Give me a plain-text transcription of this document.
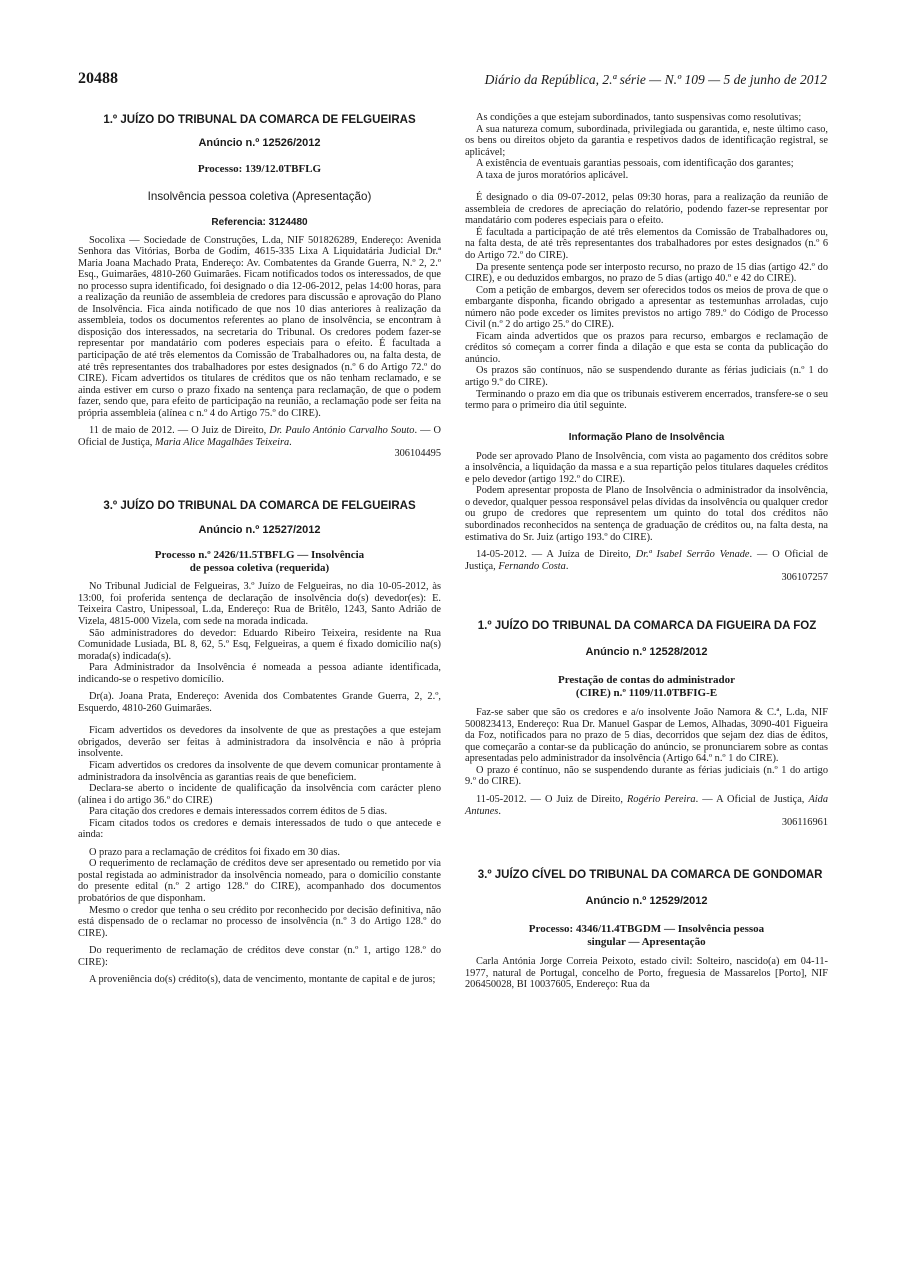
20488	Diário da República, 2.ª série — N.º 109 — 5 de junho de 2012

1.º JUÍZO DO TRIBUNAL DA COMARCA DE FELGUEIRAS

Anúncio n.º 12526/2012

Processo: 139/12.0TBFLG

Insolvência pessoa coletiva (Apresentação)

Referencia: 3124480

Socolixa — Sociedade de Construções, L.da, NIF 501826289, Endereço: Avenida Senhora das Vitórias, Borba de Godim, 4615-335 Lixa A Liquidatária Judicial Dr.ª Maria Joana Machado Prata, Endereço: Av. Combatentes da Grande Guerra, N.º 2, 2.º Esq., Guimarães, 4810-260 Guimarães. Ficam notificados todos os interessados, de que no processo supra identificado, foi designado o dia 12-06-2012, pelas 14:00 horas, para a realização da reunião de assembleia de credores para discussão e aprovação do Plano de Insolvência. Fica ainda notificado de que nos 10 dias anteriores à realização da assembleia, todos os documentos referentes ao plano de insolvência, se encontram à disposição dos interessados, na secretaria do Tribunal. Os credores podem fazer-se representar por mandatário com poderes especiais para o efeito. É facultada a participação de até três elementos da Comissão de Trabalhadores ou, na falta desta, de até três representantes dos trabalhadores por estes designados (n.º 6 do Artigo 72.º do CIRE). Ficam advertidos os titulares de créditos que os não tenham reclamado, e se ainda estiver em curso o prazo fixado na sentença para reclamação, de que o podem fazer, sendo que, para efeito de participação na reunião, a reclamação pode ser feita na própria assembleia (alínea c n.º 4 do Artigo 75.º do CIRE).

11 de maio de 2012. — O Juiz de Direito, Dr. Paulo António Carvalho Souto. — O Oficial de Justiça, Maria Alice Magalhães Teixeira.

306104495

3.º JUÍZO DO TRIBUNAL DA COMARCA DE FELGUEIRAS

Anúncio n.º 12527/2012

Processo n.º 2426/11.5TBFLG — Insolvência

de pessoa coletiva (requerida)

No Tribunal Judicial de Felgueiras, 3.º Juízo de Felgueiras, no dia 10-05-2012, às 13:00, foi proferida sentença de declaração de insolvência do(s) devedor(es): E. Teixeira Castro, Unipessoal, L.da, Endereço: Rua de Britêlo, 1243, Santo Adrião de Vizela, 4815-000 Vizela, com sede na morada indicada.

São administradores do devedor: Eduardo Ribeiro Teixeira, residente na Rua Comunidade Lusiada, BL 8, 62, 5.º Esq, Felgueiras, a quem é fixado domicílio na(s) morada(s) indicada(s).

Para Administrador da Insolvência é nomeada a pessoa adiante identificada, indicando-se o respetivo domicílio.

Dr(a). Joana Prata, Endereço: Avenida dos Combatentes Grande Guerra, 2, 2.º, Esquerdo, 4810-260 Guimarães.

Ficam advertidos os devedores da insolvente de que as prestações a que estejam obrigados, deverão ser feitas à administradora da insolvência e não à própria insolvente.

Ficam advertidos os credores da insolvente de que devem comunicar prontamente à administradora da insolvência as garantias reais de que beneficiem.

Declara-se aberto o incidente de qualificação da insolvência com carácter pleno (alínea i do artigo 36.º do CIRE)

Para citação dos credores e demais interessados correm éditos de 5 dias.

Ficam citados todos os credores e demais interessados de tudo o que antecede e ainda:

O prazo para a reclamação de créditos foi fixado em 30 dias.

O requerimento de reclamação de créditos deve ser apresentado ou remetido por via postal registada ao administrador da insolvência nomeado, para o domicílio constante do presente edital (n.º 2 artigo 128.º do CIRE), acompanhado dos documentos probatórios de que disponham.

Mesmo o credor que tenha o seu crédito por reconhecido por decisão definitiva, não está dispensado de o reclamar no processo de insolvência (n.º 3 do Artigo 128.º do CIRE).

Do requerimento de reclamação de créditos deve constar (n.º 1, artigo 128.º do CIRE):

A proveniência do(s) crédito(s), data de vencimento, montante de capital e de juros;

As condições a que estejam subordinados, tanto suspensivas como resolutivas;

A sua natureza comum, subordinada, privilegiada ou garantida, e, neste último caso, os bens ou direitos objeto da garantia e respetivos dados de identificação registral, se aplicável;

A existência de eventuais garantias pessoais, com identificação dos garantes;

A taxa de juros moratórios aplicável.

É designado o dia 09-07-2012, pelas 09:30 horas, para a realização da reunião de assembleia de credores de apreciação do relatório, podendo fazer-se representar por mandatário com poderes especiais para o efeito.

É facultada a participação de até três elementos da Comissão de Trabalhadores ou, na falta desta, de até três representantes dos trabalhadores por estes designados (n.º 6 do Artigo 72.º do CIRE).

Da presente sentença pode ser interposto recurso, no prazo de 15 dias (artigo 42.º do CIRE), e ou deduzidos embargos, no prazo de 5 dias (artigo 40.º e 42 do CIRE).

Com a petição de embargos, devem ser oferecidos todos os meios de prova de que o embargante disponha, ficando obrigado a apresentar as testemunhas arroladas, cujo número não pode exceder os limites previstos no artigo 789.º do Código de Processo Civil (n.º 2 do artigo 25.º do CIRE).

Ficam ainda advertidos que os prazos para recurso, embargos e reclamação de créditos só começam a correr finda a dilação e que esta se conta da publicação do anúncio.

Os prazos são contínuos, não se suspendendo durante as férias judiciais (n.º 1 do artigo 9.º do CIRE).

Terminando o prazo em dia que os tribunais estiverem encerrados, transfere-se o seu termo para o primeiro dia útil seguinte.

Informação Plano de Insolvência

Pode ser aprovado Plano de Insolvência, com vista ao pagamento dos créditos sobre a insolvência, a liquidação da massa e a sua repartição pelos titulares daqueles créditos e pelo devedor (artigo 192.º do CIRE).

Podem apresentar proposta de Plano de Insolvência o administrador da insolvência, o devedor, qualquer pessoa responsável pelas dívidas da insolvência ou qualquer credor ou grupo de credores que representem um quinto do total dos créditos não subordinados reconhecidos na sentença de graduação de créditos ou, na falta desta, na estimativa do Sr. Juiz (artigo 193.º do CIRE).

14-05-2012. — A Juíza de Direito, Dr.ª Isabel Serrão Venade. — O Oficial de Justiça, Fernando Costa.

306107257

1.º JUÍZO DO TRIBUNAL DA COMARCA DA FIGUEIRA DA FOZ

Anúncio n.º 12528/2012

Prestação de contas do administrador

(CIRE) n.º 1109/11.0TBFIG-E

Faz-se saber que são os credores e a/o insolvente João Namora & C.ª, L.da, NIF 500823413, Endereço: Rua Dr. Manuel Gaspar de Lemos, Alhadas, 3090-401 Figueira da Foz, notificados para no prazo de 5 dias, decorridos que sejam dez dias de éditos, que começarão a contar-se da publicação do anúncio, se pronunciarem sobre as contas apresentadas pelo administrador da insolvência (Artigo 64.º n.º 1 do CIRE).

O prazo é contínuo, não se suspendendo durante as férias judiciais (n.º 1 do artigo 9.º do CIRE).

11-05-2012. — O Juiz de Direito, Rogério Pereira. — A Oficial de Justiça, Aida Antunes.

306116961

3.º JUÍZO CÍVEL DO TRIBUNAL DA COMARCA DE GONDOMAR

Anúncio n.º 12529/2012

Processo: 4346/11.4TBGDM — Insolvência pessoa

singular — Apresentação

Carla Antónia Jorge Correia Peixoto, estado civil: Solteiro, nascido(a) em 04-11-1977, natural de Portugal, concelho de Porto, freguesia de Massarelos [Porto], NIF 206450028, BI 10037605, Endereço: Rua da
